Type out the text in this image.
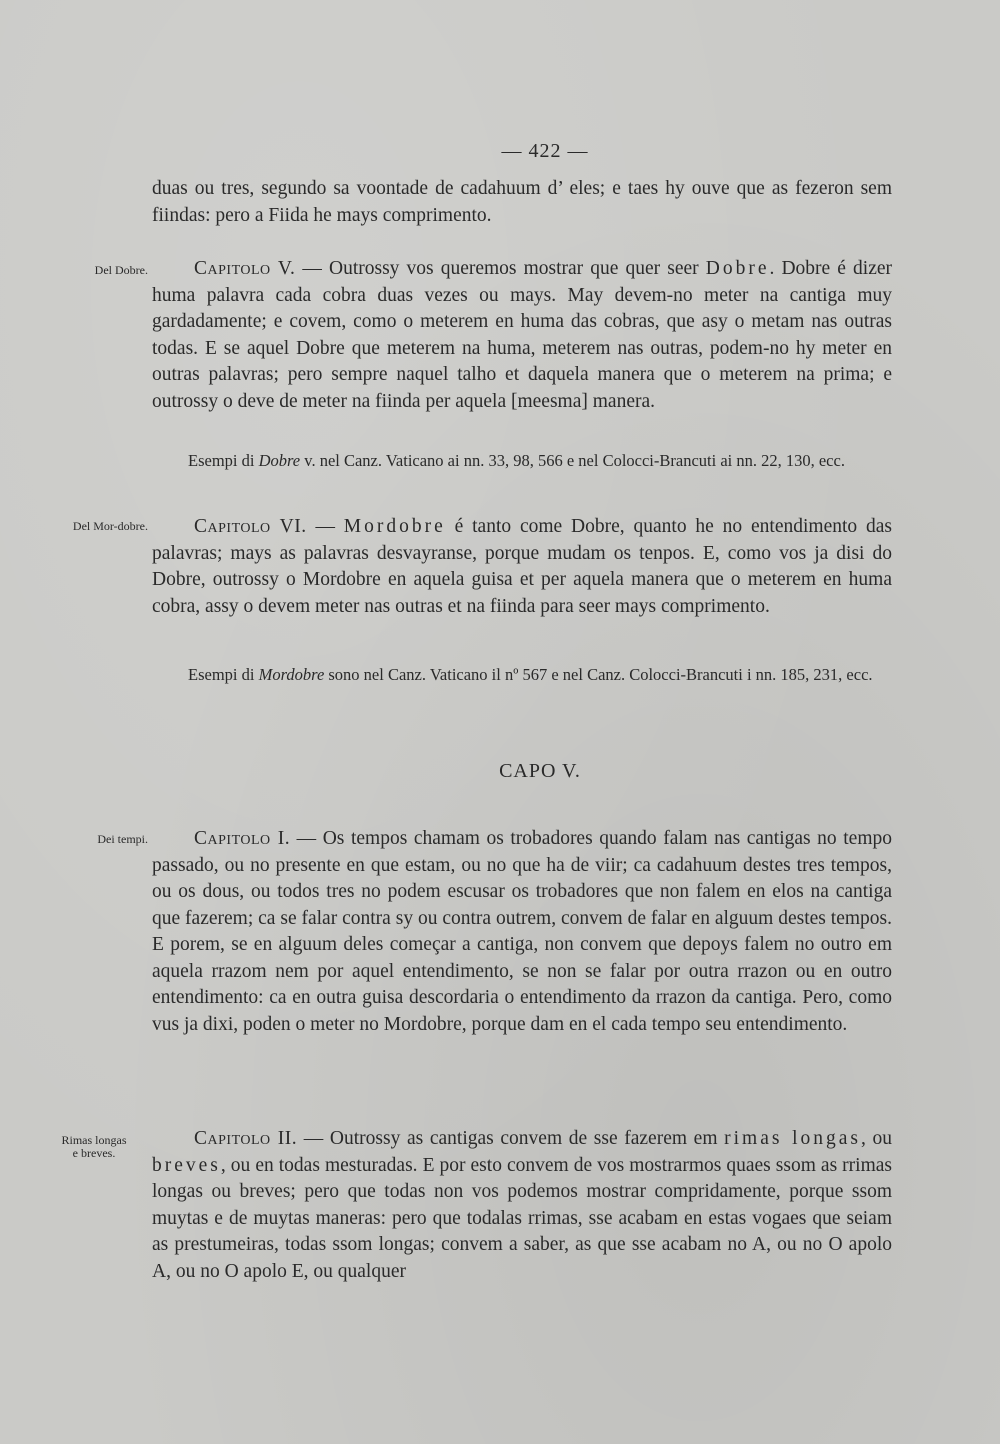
— 422 —

duas ou tres, segundo sa voontade de cadahuum d’ eles; e taes hy ouve que as fezeron sem fiindas: pero a Fiida he mays comprimento.

Del Dobre.	Capitolo V. — Outrossy vos queremos mostrar que quer seer Dobre. Dobre é dizer huma palavra cada cobra duas vezes ou mays. May devem-no meter na cantiga muy gardadamente; e covem, como o meterem en huma das cobras, que asy o metam nas outras todas. E se aquel Dobre que meterem na huma, meterem nas outras, podem-no hy meter en outras palavras; pero sempre naquel talho et daquela manera que o meterem na prima; e outrossy o deve de meter na fiinda per aquela [meesma] manera.

Esempi di Dobre v. nel Canz. Vaticano ai nn. 33, 98, 566 e nel Colocci-Brancuti ai nn. 22, 130, ecc.

Del Mor-dobre.	Capitolo VI. — Mordobre é tanto come Dobre, quanto he no entendimento das palavras; mays as palavras desvayranse, porque mudam os tenpos. E, como vos ja disi do Dobre, outrossy o Mordobre en aquela guisa et per aquela manera que o meterem en huma cobra, assy o devem meter nas outras et na fiinda para seer mays comprimento.

Esempi di Mordobre sono nel Canz. Vaticano il nº 567 e nel Canz. Colocci-Brancuti i nn. 185, 231, ecc.

CAPO V.
Dei tempi.	Capitolo I. — Os tempos chamam os trobadores quando falam nas cantigas no tempo passado, ou no presente en que estam, ou no que ha de viir; ca cadahuum destes tres tempos, ou os dous, ou todos tres no podem escusar os trobadores que non falem en elos na cantiga que fazerem; ca se falar contra sy ou contra outrem, convem de falar en alguum destes tempos. E porem, se en alguum deles começar a cantiga, non convem que depoys falem no outro em aquela rrazom nem por aquel entendimento, se non se falar por outra rrazon ou en outro entendimento: ca en outra guisa descordaria o entendimento da rrazon da cantiga. Pero, como vus ja dixi, poden o meter no Mordobre, porque dam en el cada tempo seu entendimento.

Rimas longas
e breves.

Capitolo II. — Outrossy as cantigas convem de sse fazerem em rimas longas, ou breves, ou en todas mesturadas. E por esto convem de vos mostrarmos quaes ssom as rrimas longas ou breves; pero que todas non vos podemos mostrar compridamente, porque ssom muytas e de muytas maneras: pero que todalas rrimas, sse acabam en estas vogaes que seiam as prestumeiras, todas ssom longas; convem a saber, as que sse acabam no A, ou no O apolo A, ou no O apolo E, ou qualquer
